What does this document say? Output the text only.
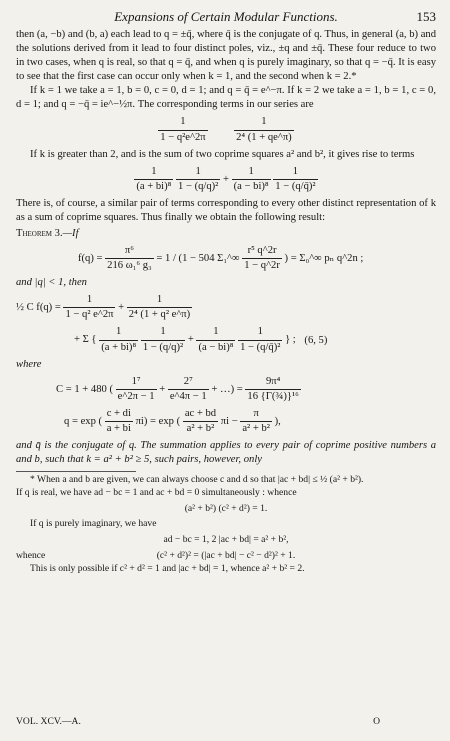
Expansions of Certain Modular Functions.	153

then (a, −b) and (b, a) each lead to q = ±q̄, where q̄ is the conjugate of q. Thus, in general (a, b) and the solutions derived from it lead to four distinct poles, viz., ±q and ±q̄. These four reduce to two in two cases, when q is real, so that q = q̄, and when q is purely imaginary, so that q = −q̄. It is easy to see that the first case can occur only when k = 1, and the second when k = 2.*

If k = 1 we take a = 1, b = 0, c = 0, d = 1; and q = q̄ = e^−π. If k = 2 we take a = 1, b = 1, c = 0, d = 1; and q = −q̄ = ie^−½π. The corresponding terms in our series are

$\frac{1}{\text{1 − q²e\textasciicircum{}2π}}$
   $\frac{1}{\text{2⁴ (1 + qe\textasciicircum{}π)}}$

If k is greater than 2, and is the sum of two coprime squares a² and b², it gives rise to terms

$\frac{1}{\text{(a + bi)⁸}}$
$\frac{1}{\text{1 − (q/q)²}} + \frac{1}{\text{(a − bi)⁸}}$
$\frac{1}{\text{1 − (q/q̄)²}}$

There is, of course, a similar pair of terms corresponding to every other distinct representation of k as a sum of coprime squares. Thus finally we obtain the following result:

Theorem 3.—If

$f(q) = \frac{\text{π⁶}}{\text{216 ω₁⁶ g₃}} = 1 / (1 - 504$ Σ₁^∞ $\frac{\text{r⁵ q\textasciicircum{}2r}}{1 - q\^{}2r}$ ) = Σ₀^∞ pₙ q^2n ;

and |q| < 1, then

½ C $f(q) = \frac{1}{\text{1 − q² e\textasciicircum{}2π}} + \frac{1}{\text{2⁴ (1 + q² e\textasciicircum{}π)}}$
+ Σ { $\frac{1}{\text{(a + bi)⁸}}$
$\frac{1}{\text{1 − (q/q)²}} + \frac{1}{\text{(a − bi)⁸}}$
$\frac{1}{\text{1 − (q/q̄)²}}$ } ; (6, 5)

where

C = 1 + 480 ( $\frac{\text{1⁷}}{e\^{}2\pi - 1} + \frac{\text{2⁷}}{e\^{}4\pi - 1}$ + …) = $\frac{\text{9π⁴}}{\text{16 \{Γ(¾)\}¹⁶}}$
q = exp ( $\frac{c + di}{a + bi} \pi i) = \exp$ ( $\frac{ac + bd}{\text{a² + b²}}$ $\pi i - \frac{\pi}{\text{a² + b²}}$ ),

and q̄ is the conjugate of q. The summation applies to every pair of coprime positive numbers a and b, such that k = a² + b² ≥ 5, such pairs, however, only

* When a and b are given, we can always choose c and d so that |ac + bd| ≤ ½ (a² + b²).

If q is real, we have ad − bc = 1 and ac + bd = 0 simultaneously : whence

(a² + b²) (c² + d²) = 1.

If q is purely imaginary, we have

ad − bc = 1, 2 |ac + bd| = a² + b²,
whence	(c² + d²)² = (|ac + bd| − c² − d²)² + 1.

This is only possible if c² + d² = 1 and |ac + bd| = 1, whence a² + b² = 2.

VOL. XCV.—A.	O
